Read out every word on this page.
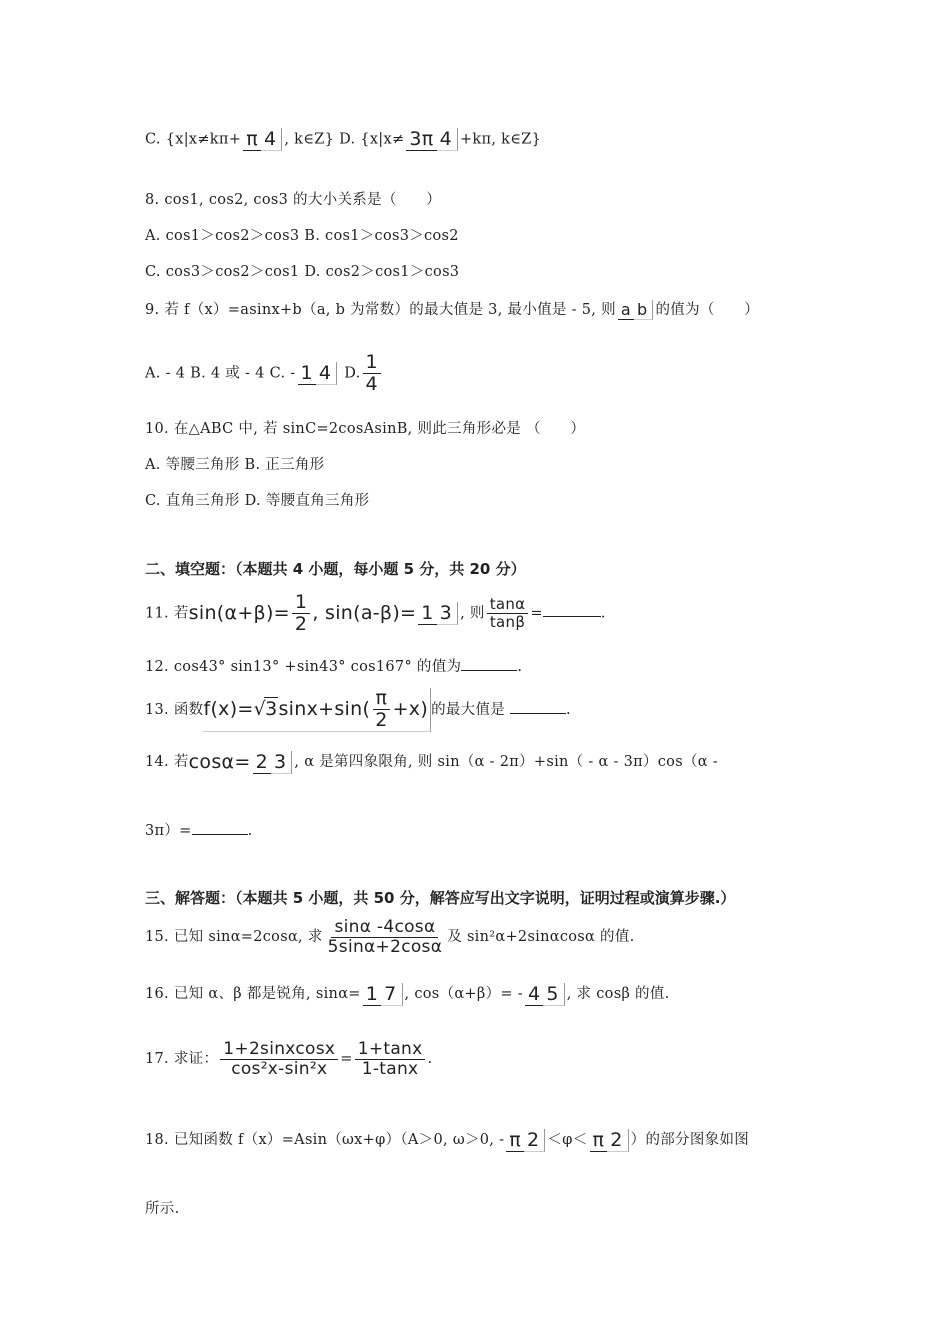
C. {x|x≠kπ+ π 4 , k∈Z} D. {x|x≠ 3π 4 +kπ, k∈Z}
8. cos1, cos2, cos3 的大小关系是（　　）
A. cos1＞cos2＞cos3 B. cos1＞cos3＞cos2
C. cos3＞cos2＞cos1 D. cos2＞cos1＞cos3
9. 若 f（x）=asinx+b（a, b 为常数）的最大值是 3, 最小值是 - 5, 则 a b 的值为（　　）
A. - 4 B. 4 或 - 4 C. - 1 4 D. $\frac{1}{4}$
10. 在△ABC 中, 若 sinC=2cosAsinB, 则此三角形必是 （　　）
A. 等腰三角形 B. 正三角形
C. 直角三角形 D. 等腰直角三角形
二、填空题：（本题共 4 小题，每小题 5 分，共 20 分）
11. 若$\sin(\alpha+\beta)= \frac{1}{2}$ , sin(a-β)= 1 3 , 则 $\frac{\tan\alpha}{\tan\beta}$ =	.
12. cos43° sin13° +sin43° cos167° 的值为	.
13. 函数$f(x)=√3\sin x+\sin( \frac{\pi}{2} +x)$ 的最大值是	.
14. 若cosα= 2 3 , α 是第四象限角, 则 sin（α - 2π）+sin（ - α - 3π）cos（α -
3π）=	.
三、解答题：（本题共 5 小题，共 50 分，解答应写出文字说明，证明过程或演算步骤.）
15. 已知 sinα=2cosα, 求 $\frac{\sin\alpha -4\cos\alpha}{5\sin\alpha+2\cos\alpha}$ 及 sin²α+2sinαcosα 的值.
16. 已知 α、β 都是锐角, sinα= 1 7 , cos（α+β）= - 4 5 , 求 cosβ 的值.
17. 求证： $\frac{\text{1+2sinxcosx}}{\text{cos²x-sin²x}} = \frac{1+\tan x}{1-\tan x}$ .
18. 已知函数 f（x）=Asin（ωx+φ）（A＞0, ω＞0, - π 2 ＜φ＜ π 2 ）的部分图象如图
所示.
